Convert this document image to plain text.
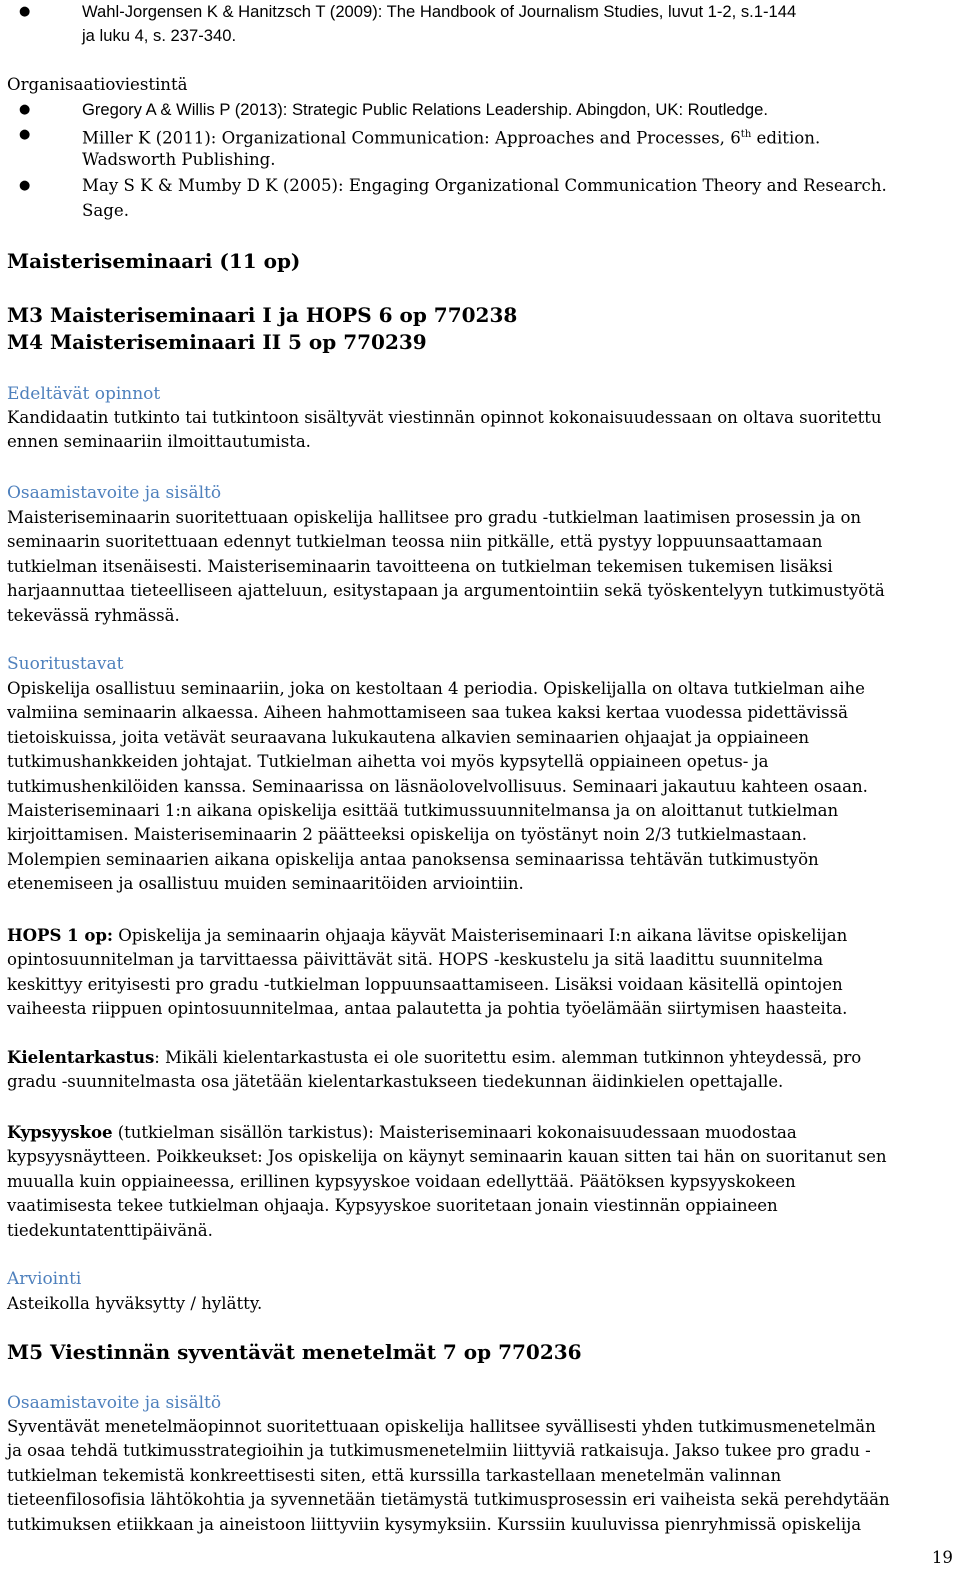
●	Wahl-Jorgensen K & Hanitzsch T (2009): The Handbook of Journalism Studies, luvut 1-2, s.1-144
ja luku 4, s. 237-340.
Organisaatioviestintä
●	Gregory A & Willis P (2013): Strategic Public Relations Leadership. Abingdon, UK: Routledge.
●	Miller K (2011): Organizational Communication: Approaches and Processes, 6th edition.
Wadsworth Publishing.
●	May S K & Mumby D K (2005): Engaging Organizational Communication Theory and Research.
Sage.
Maisteriseminaari (11 op)
M3 Maisteriseminaari I ja HOPS 6 op 770238
M4 Maisteriseminaari II 5 op 770239
Edeltävät opinnot
Kandidaatin tutkinto tai tutkintoon sisältyvät viestinnän opinnot kokonaisuudessaan on oltava suoritettu
ennen seminaariin ilmoittautumista.
Osaamistavoite ja sisältö
Maisteriseminaarin suoritettuaan opiskelija hallitsee pro gradu -tutkielman laatimisen prosessin ja on
seminaarin suoritettuaan edennyt tutkielman teossa niin pitkälle, että pystyy loppuunsaattamaan
tutkielman itsenäisesti. Maisteriseminaarin tavoitteena on tutkielman tekemisen tukemisen lisäksi
harjaannuttaa tieteelliseen ajatteluun, esitystapaan ja argumentointiin sekä työskentelyyn tutkimustyötä
tekevässä ryhmässä.
Suoritustavat
Opiskelija osallistuu seminaariin, joka on kestoltaan 4 periodia. Opiskelijalla on oltava tutkielman aihe
valmiina seminaarin alkaessa. Aiheen hahmottamiseen saa tukea kaksi kertaa vuodessa pidettävissä
tietoiskuissa, joita vetävät seuraavana lukukautena alkavien seminaarien ohjaajat ja oppiaineen
tutkimushankkeiden johtajat. Tutkielman aihetta voi myös kypsytellä oppiaineen opetus- ja
tutkimushenkilöiden kanssa. Seminaarissa on läsnäolovelvollisuus. Seminaari jakautuu kahteen osaan.
Maisteriseminaari 1:n aikana opiskelija esittää tutkimussuunnitelmansa ja on aloittanut tutkielman
kirjoittamisen. Maisteriseminaarin 2 päätteeksi opiskelija on työstänyt noin 2/3 tutkielmastaan.
Molempien seminaarien aikana opiskelija antaa panoksensa seminaarissa tehtävän tutkimustyön
etenemiseen ja osallistuu muiden seminaaritöiden arviointiin.
HOPS 1 op: Opiskelija ja seminaarin ohjaaja käyvät Maisteriseminaari I:n aikana lävitse opiskelijan
opintosuunnitelman ja tarvittaessa päivittävät sitä. HOPS -keskustelu ja sitä laadittu suunnitelma
keskittyy erityisesti pro gradu -tutkielman loppuunsaattamiseen. Lisäksi voidaan käsitellä opintojen
vaiheesta riippuen opintosuunnitelmaa, antaa palautetta ja pohtia työelämään siirtymisen haasteita.
Kielentarkastus: Mikäli kielentarkastusta ei ole suoritettu esim. alemman tutkinnon yhteydessä, pro
gradu -suunnitelmasta osa jätetään kielentarkastukseen tiedekunnan äidinkielen opettajalle.
Kypsyyskoe (tutkielman sisällön tarkistus): Maisteriseminaari kokonaisuudessaan muodostaa
kypsyysnäytteen. Poikkeukset: Jos opiskelija on käynyt seminaarin kauan sitten tai hän on suoritanut sen
muualla kuin oppiaineessa, erillinen kypsyyskoe voidaan edellyttää. Päätöksen kypsyyskokeen
vaatimisesta tekee tutkielman ohjaaja. Kypsyyskoe suoritetaan jonain viestinnän oppiaineen
tiedekuntatenttipäivänä.
Arviointi
Asteikolla hyväksytty / hylätty.
M5 Viestinnän syventävät menetelmät 7 op 770236
Osaamistavoite ja sisältö
Syventävät menetelmäopinnot suoritettuaan opiskelija hallitsee syvällisesti yhden tutkimusmenetelmän
ja osaa tehdä tutkimusstrategioihin ja tutkimusmenetelmiin liittyviä ratkaisuja. Jakso tukee pro gradu -
tutkielman tekemistä konkreettisesti siten, että kurssilla tarkastellaan menetelmän valinnan
tieteenfilosofisia lähtökohtia ja syvennetään tietämystä tutkimusprosessin eri vaiheista sekä perehdytään
tutkimuksen etiikkaan ja aineistoon liittyviin kysymyksiin. Kurssiin kuuluvissa pienryhmissä opiskelija
19
